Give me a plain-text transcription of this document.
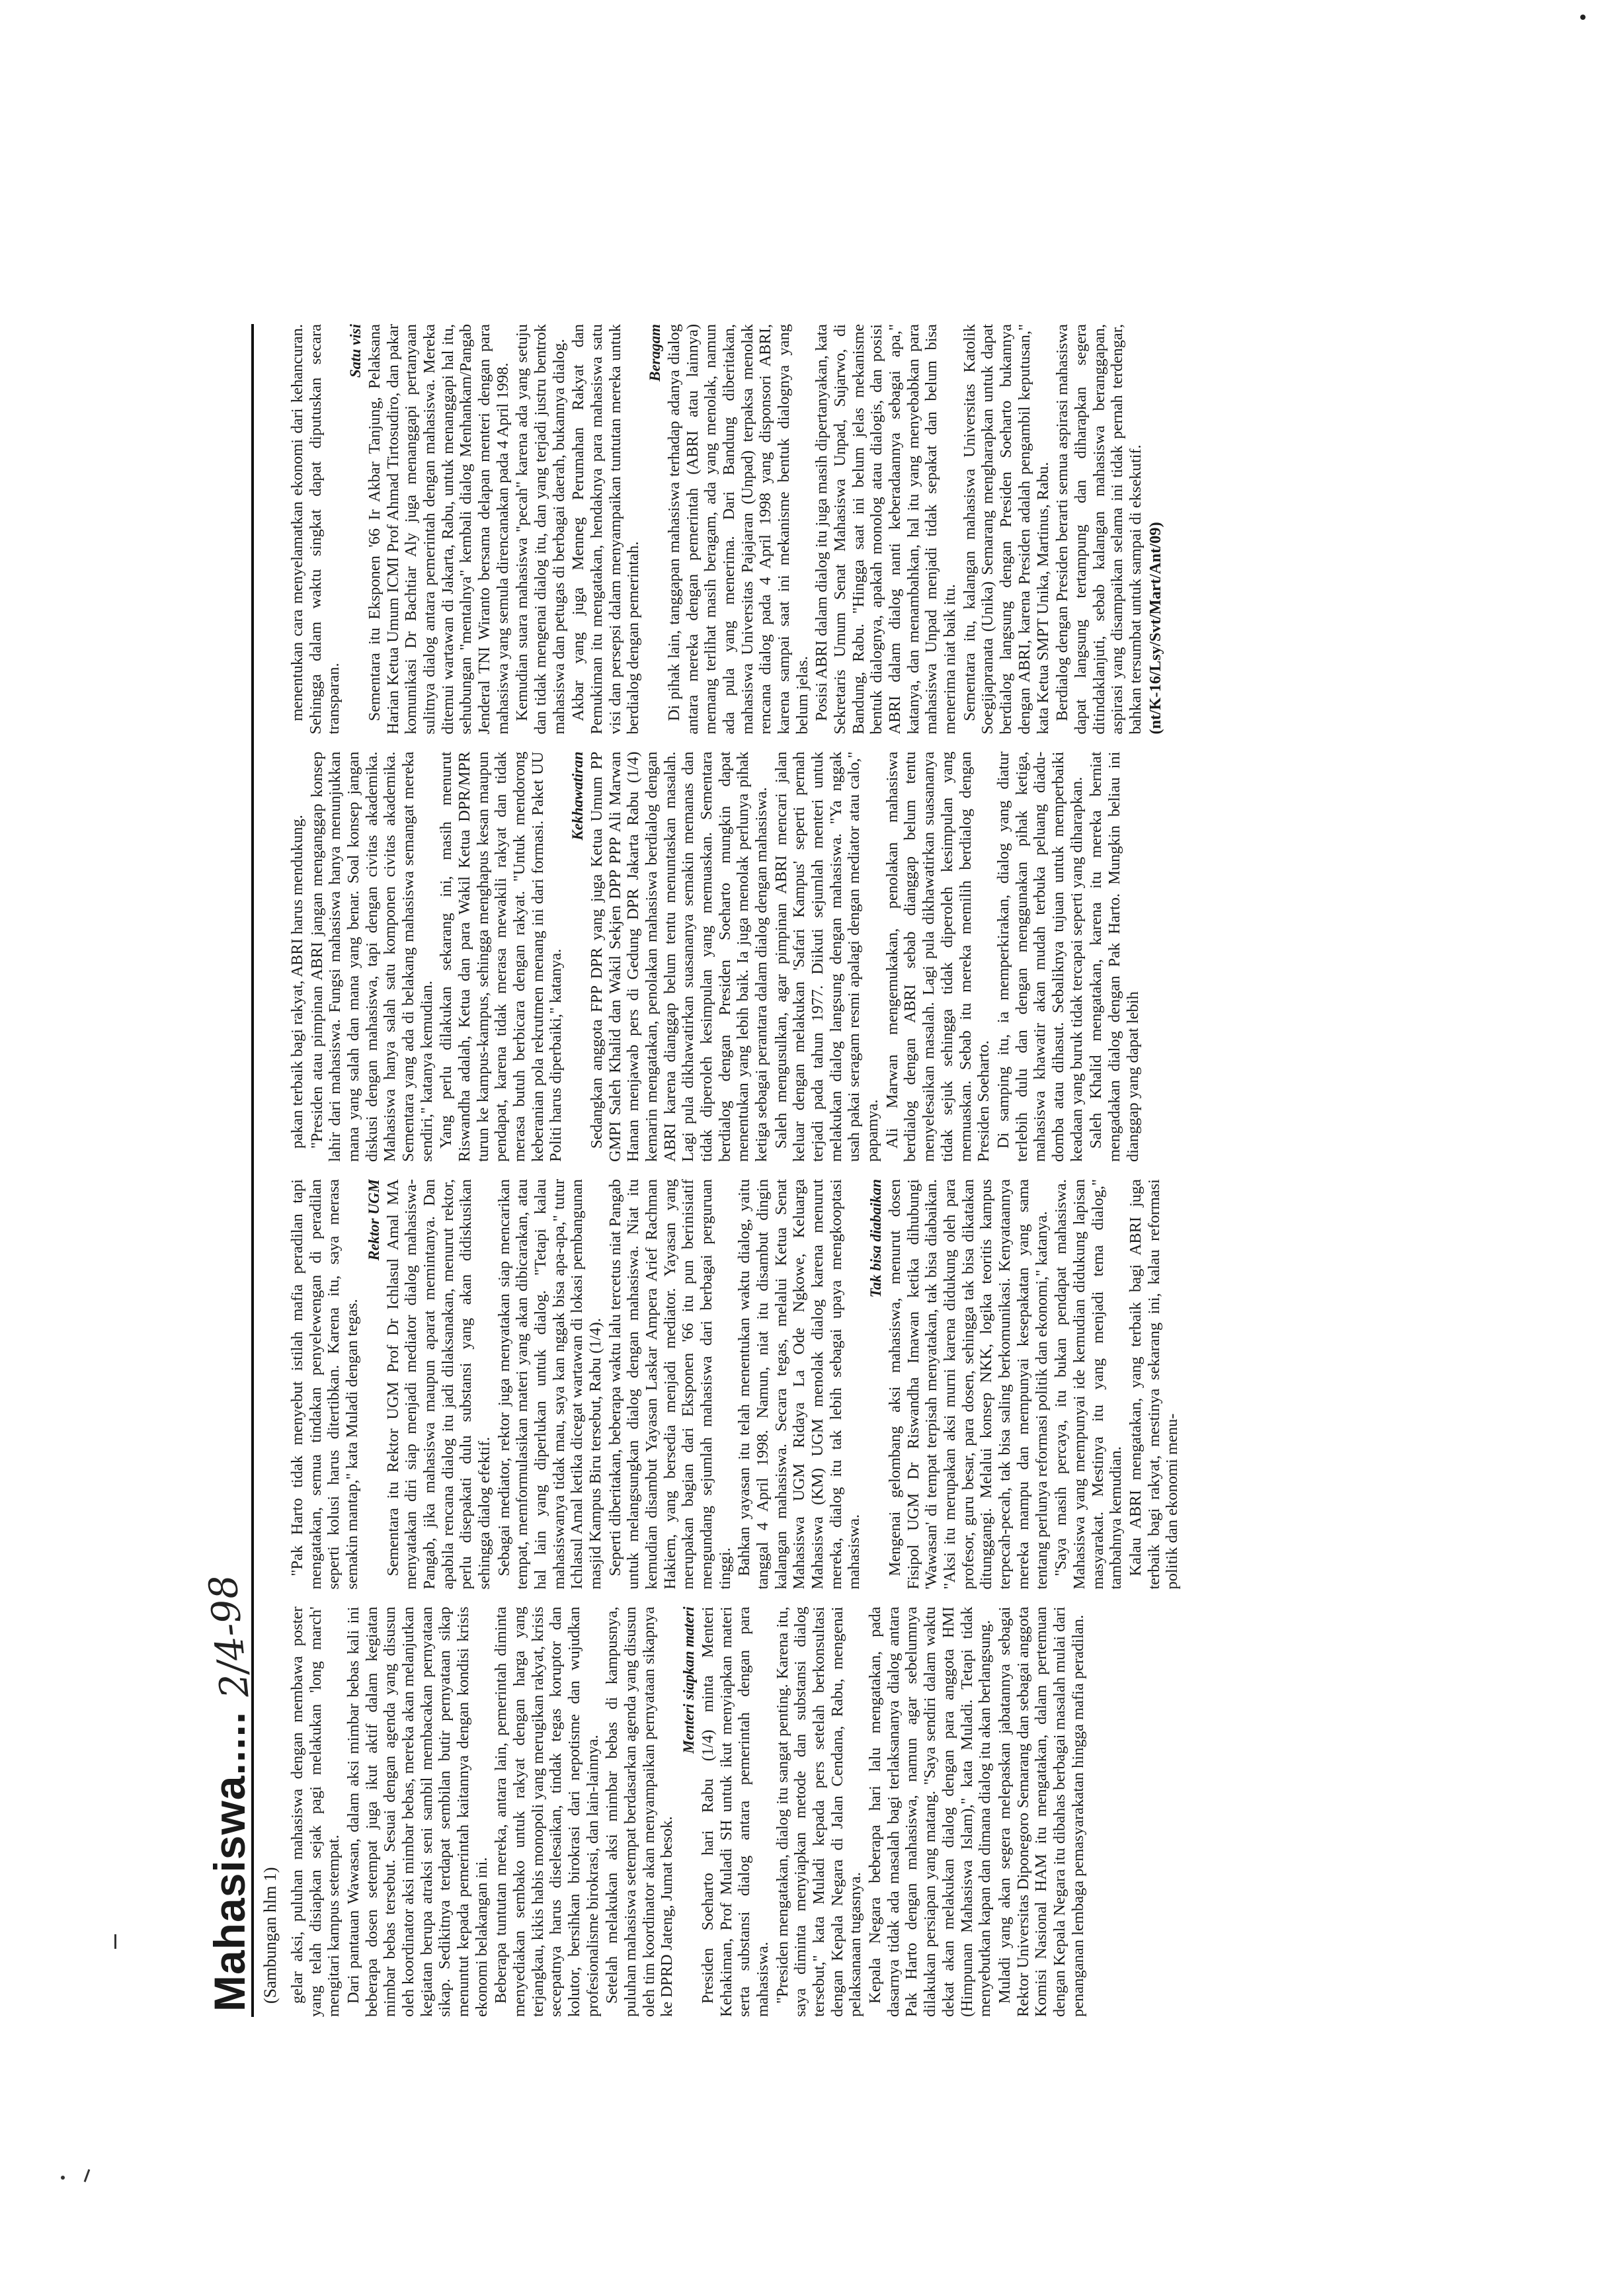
Mahasiswa.....
2/4-98
(Sambungan hlm 1) gelar aksi, puluhan mahasiswa dengan membawa poster yang telah disiapkan sejak pagi melakukan 'long march' mengitari kampus setempat. Dari pantauan Wawasan, dalam aksi mimbar bebas kali ini beberapa dosen setempat juga ikut aktif dalam kegiatan mimbar bebas tersebut. Sesuai dengan agenda yang disusun oleh koordinator aksi mimbar bebas, mereka akan melanjutkan kegiatan berupa atraksi seni sambil membacakan pernyataan sikap. Sedikitnya terdapat sembilan butir pernyataan sikap menuntut kepada pemerintah kaitannya dengan kondisi krisis ekonomi belakangan ini. Beberapa tuntutan mereka, antara lain, pemerintah diminta menyediakan sembako untuk rakyat dengan harga yang terjangkau, kikis habis monopoli yang merugikan rakyat, krisis secepatnya harus diselesaikan, tindak tegas koruptor dan kolutor, bersihkan birokrasi dari nepotisme dan wujudkan profesionalisme birokrasi, dan lain-lainnya. Setelah melakukan aksi mimbar bebas di kampusnya, puluhan mahasiswa setempat berdasarkan agenda yang disusun oleh tim koordinator akan menyampaikan pernyataan sikapnya ke DPRD Jateng, Jumat besok.

Menteri siapkan materi Presiden Soeharto hari Rabu (1/4) minta Menteri Kehakiman, Prof Muladi SH untuk ikut menyiapkan materi serta substansi dialog antara pemerintah dengan para mahasiswa. "Presiden mengatakan, dialog itu sangat penting. Karena itu, saya diminta menyiapkan metode dan substansi dialog tersebut," kata Muladi kepada pers setelah berkonsultasi dengan Kepala Negara di Jalan Cendana, Rabu, mengenai pelaksanaan tugasnya. Kepala Negara beberapa hari lalu mengatakan, pada dasarnya tidak ada masalah bagi terlaksananya dialog antara Pak Harto dengan mahasiswa, namun agar sebelumnya dilakukan persiapan yang matang. "Saya sendiri dalam waktu dekat akan melakukan dialog dengan para anggota HMI (Himpunan Mahasiswa Islam)," kata Muladi. Tetapi tidak menyebutkan kapan dan dimana dialog itu akan berlangsung. Muladi yang akan segera melepaskan jabatannya sebagai Rektor Universitas Diponegoro Semarang dan sebagai anggota Komisi Nasional HAM itu mengatakan, dalam pertemuan dengan Kepala Negara itu dibahas berbagai masalah mulai dari penanganan lembaga pemasyarakatan hingga mafia peradilan.

"Pak Harto tidak menyebut istilah mafia peradilan tapi mengatakan, semua tindakan penyelewengan di peradilan seperti kolusi harus ditertibkan. Karena itu, saya merasa semakin mantap," kata Muladi dengan tegas.

Rektor UGM Sementara itu Rektor UGM Prof Dr Ichlasul Amal MA menyatakan diri siap menjadi mediator dialog mahasiswa-Pangab, jika mahasiswa maupun aparat memintanya. Dan apabila rencana dialog itu jadi dilaksanakan, menurut rektor, perlu disepakati dulu substansi yang akan didiskusikan sehingga dialog efektif. Sebagai mediator, rektor juga menyatakan siap mencarikan tempat, memformulasikan materi yang akan dibicarakan, atau hal lain yang diperlukan untuk dialog. "Tetapi kalau mahasiswanya tidak mau, saya kan nggak bisa apa-apa," tutur Ichlasul Amal ketika dicegat wartawan di lokasi pembangunan masjid Kampus Biru tersebut, Rabu (1/4). Seperti diberitakan, beberapa waktu lalu tercetus niat Pangab untuk melangsungkan dialog dengan mahasiswa. Niat itu kemudian disambut Yayasan Laskar Ampera Arief Rachman Hakiem, yang bersedia menjadi mediator. Yayasan yang merupakan bagian dari Eksponen '66 itu pun berinisiatif mengundang sejumlah mahasiswa dari berbagai perguruan tinggi. Bahkan yayasan itu telah menentukan waktu dialog, yaitu tanggal 4 April 1998. Namun, niat itu disambut dingin kalangan mahasiswa. Secara tegas, melalui Ketua Senat Mahasiswa UGM Ridaya La Ode Ngkowe, Keluarga Mahasiswa (KM) UGM menolak dialog karena menurut mereka, dialog itu tak lebih sebagai upaya mengkooptasi mahasiswa.

Tak bisa diabaikan Mengenai gelombang aksi mahasiswa, menurut dosen Fisipol UGM Dr Riswandha Imawan ketika dihubungi 'Wawasan' di tempat terpisah menyatakan, tak bisa diabaikan. "Aksi itu merupakan aksi murni karena didukung oleh para profesor, guru besar, para dosen, sehingga tak bisa dikatakan ditunggangi. Melalui konsep NKK, logika teoritis kampus terpecah-pecah, tak bisa saling berkomunikasi. Kenyataannya mereka mampu dan mempunyai kesepakatan yang sama tentang perlunya reformasi politik dan ekonomi," katanya. "Saya masih percaya, itu bukan pendapat mahasiswa. Mahasiswa yang mempunyai ide kemudian didukung lapisan masyarakat. Mestinya itu yang menjadi tema dialog," tambahnya kemudian. Kalau ABRI mengatakan, yang terbaik bagi ABRI juga terbaik bagi rakyat, mestinya sekarang ini, kalau reformasi politik dan ekonomi menu-

pakan terbaik bagi rakyat, ABRI harus mendukung. "Presiden atau pimpinan ABRI jangan menganggap konsep lahir dari mahasiswa. Fungsi mahasiswa hanya menunjukkan mana yang salah dan mana yang benar. Soal konsep jangan diskusi dengan mahasiswa, tapi dengan civitas akademika. Mahasiswa hanya salah satu komponen civitas akademika. Sementara yang ada di belakang mahasiswa semangat mereka sendiri," katanya kemudian. Yang perlu dilakukan sekarang ini, masih menurut Riswandha adalah, Ketua dan para Wakil Ketua DPR/MPR turun ke kampus-kampus, sehingga menghapus kesan maupun pendapat, karena tidak merasa mewakili rakyat dan tidak merasa butuh berbicara dengan rakyat. "Untuk mendorong keberanian pola rekrutmen menang ini dari formasi. Paket UU Politi harus diperbaiki," katanya.

Kekhawatiran Sedangkan anggota FPP DPR yang juga Ketua Umum PP GMPI Saleh Khalid dan Wakil Sekjen DPP PPP Ali Marwan Hanan menjawab pers di Gedung DPR Jakarta Rabu (1/4) kemarin mengatakan, penolakan mahasiswa berdialog dengan ABRI karena dianggap belum tentu menuntaskan masalah. Lagi pula dikhawatirkan suasananya semakin memanas dan tidak diperoleh kesimpulan yang memuaskan. Sementara berdialog dengan Presiden Soeharto mungkin dapat menentukan yang lebih baik. Ia juga menolak perlunya pihak ketiga sebagai perantara dalam dialog dengan mahasiswa. Saleh mengusulkan, agar pimpinan ABRI mencari jalan keluar dengan melakukan 'Safari Kampus' seperti pernah terjadi pada tahun 1977. Diikuti sejumlah menteri untuk melakukan dialog langsung dengan mahasiswa. "Ya nggak usah pakai seragam resmi apalagi dengan mediator atau calo," papamya. Ali Marwan mengemukakan, penolakan mahasiswa berdialog dengan ABRI sebab dianggap belum tentu menyelesaikan masalah. Lagi pula dikhawatirkan suasananya tidak sejuk sehingga tidak diperoleh kesimpulan yang memuaskan. Sebab itu mereka memilih berdialog dengan Presiden Soeharto. Di samping itu, ia memperkirakan, dialog yang diatur terlebih dulu dan dengan menggunakan pihak ketiga, mahasiswa khawatir akan mudah terbuka peluang diadu-domba atau dihasut. Sebaliknya tujuan untuk memperbaiki keadaan yang buruk tidak tercapai seperti yang diharapkan. Saleh Khalid mengatakan, karena itu mereka berniat mengadakan dialog dengan Pak Harto. Mungkin beliau ini dianggap yang dapat lebih

menentukan cara menyelamatkan ekonomi dari kehancuran. Sehingga dalam waktu singkat dapat diputuskan secara transparan.

Satu visi Sementara itu Eksponen '66 Ir Akbar Tanjung, Pelaksana Harian Ketua Umum ICMI Prof Ahmad Tirtosudiro, dan pakar komunikasi Dr Bachtiar Aly juga menanggapi pertanyaan sulitnya dialog antara pemerintah dengan mahasiswa. Mereka ditemui wartawan di Jakarta, Rabu, untuk menanggapi hal itu, sehubungan "mentalnya" kembali dialog Menhankam/Pangab Jenderal TNI Wiranto bersama delapan menteri dengan para mahasiswa yang semula direncanakan pada 4 April 1998. Kemudian suara mahasiswa "pecah" karena ada yang setuju dan tidak mengenai dialog itu, dan yang terjadi justru bentrok mahasiswa dan petugas di berbagai daerah, bukannya dialog. Akbar yang juga Menneg Perumahan Rakyat dan Pemukiman itu mengatakan, hendaknya para mahasiswa satu visi dan persepsi dalam menyampaikan tuntutan mereka untuk berdialog dengan pemerintah.

Beragam Di pihak lain, tanggapan mahasiswa terhadap adanya dialog antara mereka dengan pemerintah (ABRI atau lainnya) memang terlihat masih beragam, ada yang menolak, namun ada pula yang menerima. Dari Bandung diberitakan, mahasiswa Universitas Pajajaran (Unpad) terpaksa menolak rencana dialog pada 4 April 1998 yang disponsori ABRI, karena sampai saat ini mekanisme bentuk dialognya yang belum jelas. Posisi ABRI dalam dialog itu juga masih dipertanyakan, kata Sekretaris Umum Senat Mahasiswa Unpad, Sujarwo, di Bandung, Rabu. "Hingga saat ini belum jelas mekanisme bentuk dialognya, apakah monolog atau dialogis, dan posisi ABRI dalam dialog nanti keberadaannya sebagai apa," katanya, dan menambahkan, hal itu yang menyebabkan para mahasiswa Unpad menjadi tidak sepakat dan belum bisa menerima niat baik itu. Sementara itu, kalangan mahasiswa Universitas Katolik Soegijapranata (Unika) Semarang mengharapkan untuk dapat berdialog langsung dengan Presiden Soeharto bukannya dengan ABRI, karena Presiden adalah pengambil keputusan," kata Ketua SMPT Unika, Martinus, Rabu. Berdialog dengan Presiden berarti semua aspirasi mahasiswa dapat langsung tertampung dan diharapkan segera ditindaklanjuti, sebab kalangan mahasiswa beranggapan, aspirasi yang disampaikan selama ini tidak pernah terdengar, bahkan tersumbat untuk sampai di eksekutif. (nt/K-16/Lsy/Svt/Mart/Ant/09)
